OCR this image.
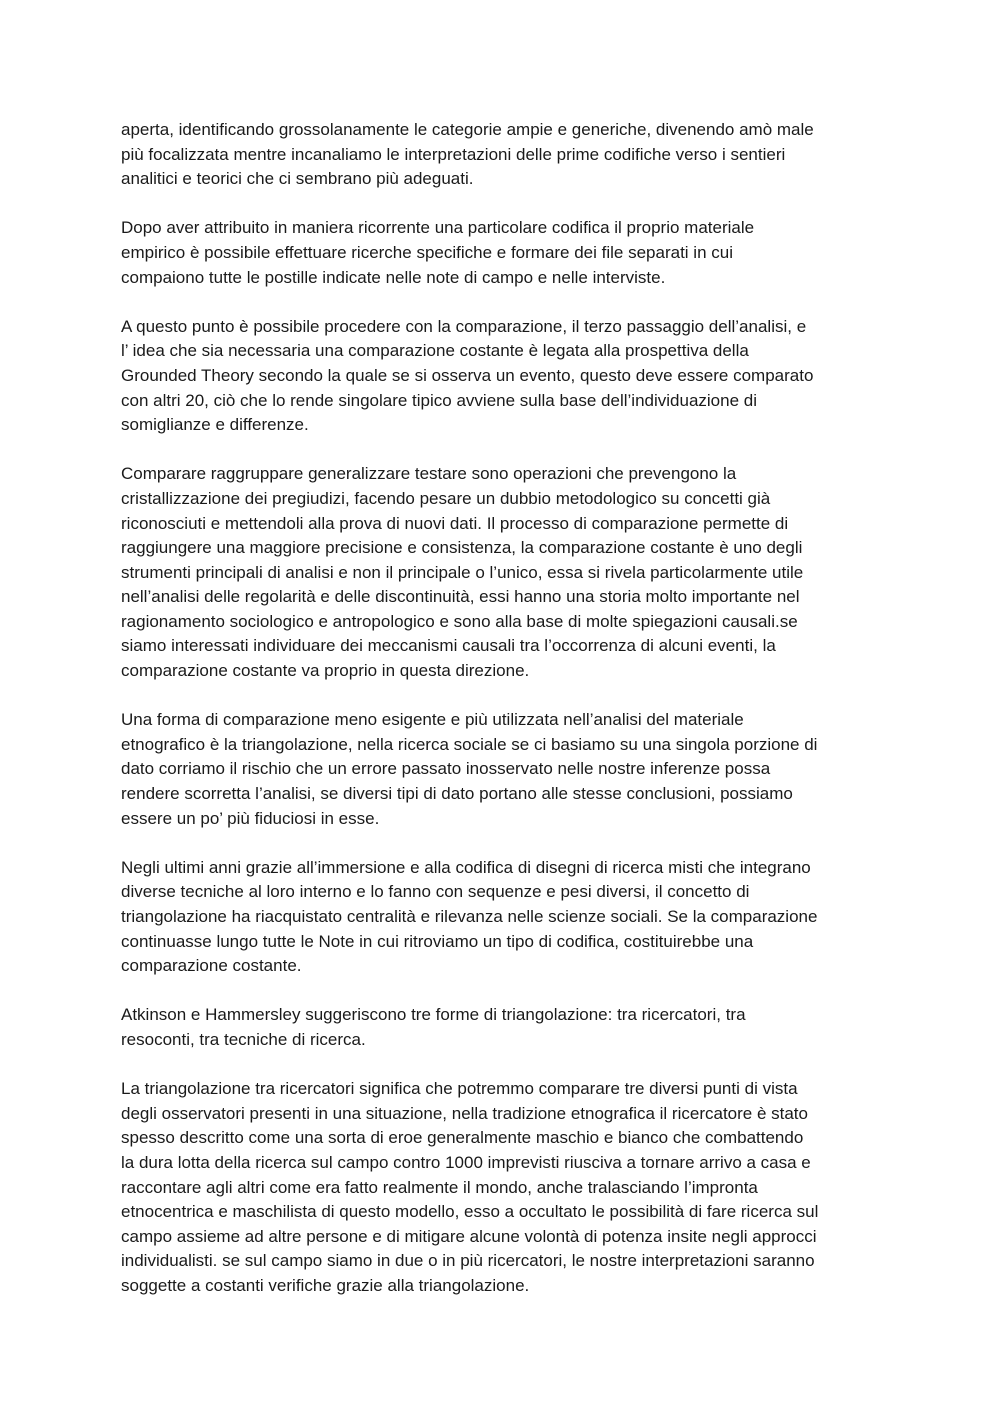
aperta, identificando grossolanamente le categorie ampie e generiche, divenendo amò male
più focalizzata mentre incanaliamo le interpretazioni delle prime codifiche verso i sentieri
analitici e teorici che ci sembrano più adeguati.

Dopo aver attribuito in maniera ricorrente una particolare codifica il proprio materiale
empirico è possibile effettuare ricerche specifiche e formare dei file separati in cui
compaiono tutte le postille indicate nelle note di campo e nelle interviste.

A questo punto è possibile procedere con la comparazione, il terzo passaggio dell’analisi, e
l’ idea che sia necessaria una comparazione costante è legata alla prospettiva della
Grounded Theory secondo la quale se si osserva un evento, questo deve essere comparato
con altri 20, ciò che lo rende singolare tipico avviene sulla base dell’individuazione di
somiglianze e differenze.

Comparare raggruppare generalizzare testare sono operazioni che prevengono la
cristallizzazione dei pregiudizi, facendo pesare un dubbio metodologico su concetti già
riconosciuti e mettendoli alla prova di nuovi dati. Il processo di comparazione permette di
raggiungere una maggiore precisione e consistenza, la comparazione costante è uno degli
strumenti principali di analisi e non il principale o l’unico, essa si rivela particolarmente utile
nell’analisi delle regolarità e delle discontinuità, essi hanno una storia molto importante nel
ragionamento sociologico e antropologico e sono alla base di molte spiegazioni causali.se
siamo interessati individuare dei meccanismi causali tra l’occorrenza di alcuni eventi, la
comparazione costante va proprio in questa direzione.

Una forma di comparazione meno esigente e più utilizzata nell’analisi del materiale
etnografico è la triangolazione, nella ricerca sociale se ci basiamo su una singola porzione di
dato corriamo il rischio che un errore passato inosservato nelle nostre inferenze possa
rendere scorretta l’analisi, se diversi tipi di dato portano alle stesse conclusioni, possiamo
essere un po’ più fiduciosi in esse.

Negli ultimi anni grazie all’immersione e alla codifica di disegni di ricerca misti che integrano
diverse tecniche al loro interno e lo fanno con sequenze e pesi diversi, il concetto di
triangolazione ha riacquistato centralità e rilevanza nelle scienze sociali. Se la comparazione
continuasse lungo tutte le Note in cui ritroviamo un tipo di codifica, costituirebbe una
comparazione costante.

Atkinson e Hammersley suggeriscono tre forme di triangolazione: tra ricercatori, tra
resoconti, tra tecniche di ricerca.

La triangolazione tra ricercatori significa che potremmo comparare tre diversi punti di vista
degli osservatori presenti in una situazione, nella tradizione etnografica il ricercatore è stato
spesso descritto come una sorta di eroe generalmente maschio e bianco che combattendo
la dura lotta della ricerca sul campo contro 1000 imprevisti riusciva a tornare arrivo a casa e
raccontare agli altri come era fatto realmente il mondo, anche tralasciando l’impronta
etnocentrica e maschilista di questo modello, esso a occultato le possibilità di fare ricerca sul
campo assieme ad altre persone e di mitigare alcune volontà di potenza insite negli approcci
individualisti. se sul campo siamo in due o in più ricercatori, le nostre interpretazioni saranno
soggette a costanti verifiche grazie alla triangolazione.
